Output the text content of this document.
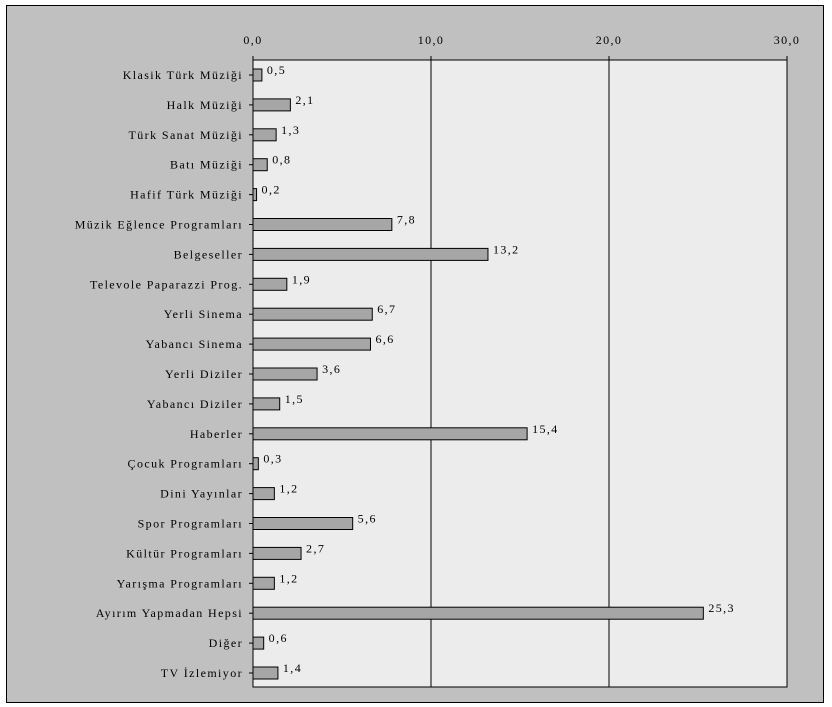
0,0	10,0	20,0	30,0
Klasik Türk Müziği 0,5
Halk Müziği	2,1
Türk Sanat Müziği	1,3
Batı Müziği 0,8
Hafif Türk Müziği 0,2
Müzik Eğlence Programları	7,8
Belgeseller	13,2
Televole Paparazzi Prog.	1,9
Yerli Sinema	6,7
Yabancı Sinema	6,6
Yerli Diziler	3,6
Yabancı Diziler	1,5
Haberler	15,4
Çocuk Programları 0,3
Dini Yayınlar	1,2
Spor Programları	5,6
Kültür Programları	2,7
Yarışma Programları	1,2
Ayırım Yapmadan Hepsi	25,3
Diğer 0,6
TV İzlemiyor	1,4
